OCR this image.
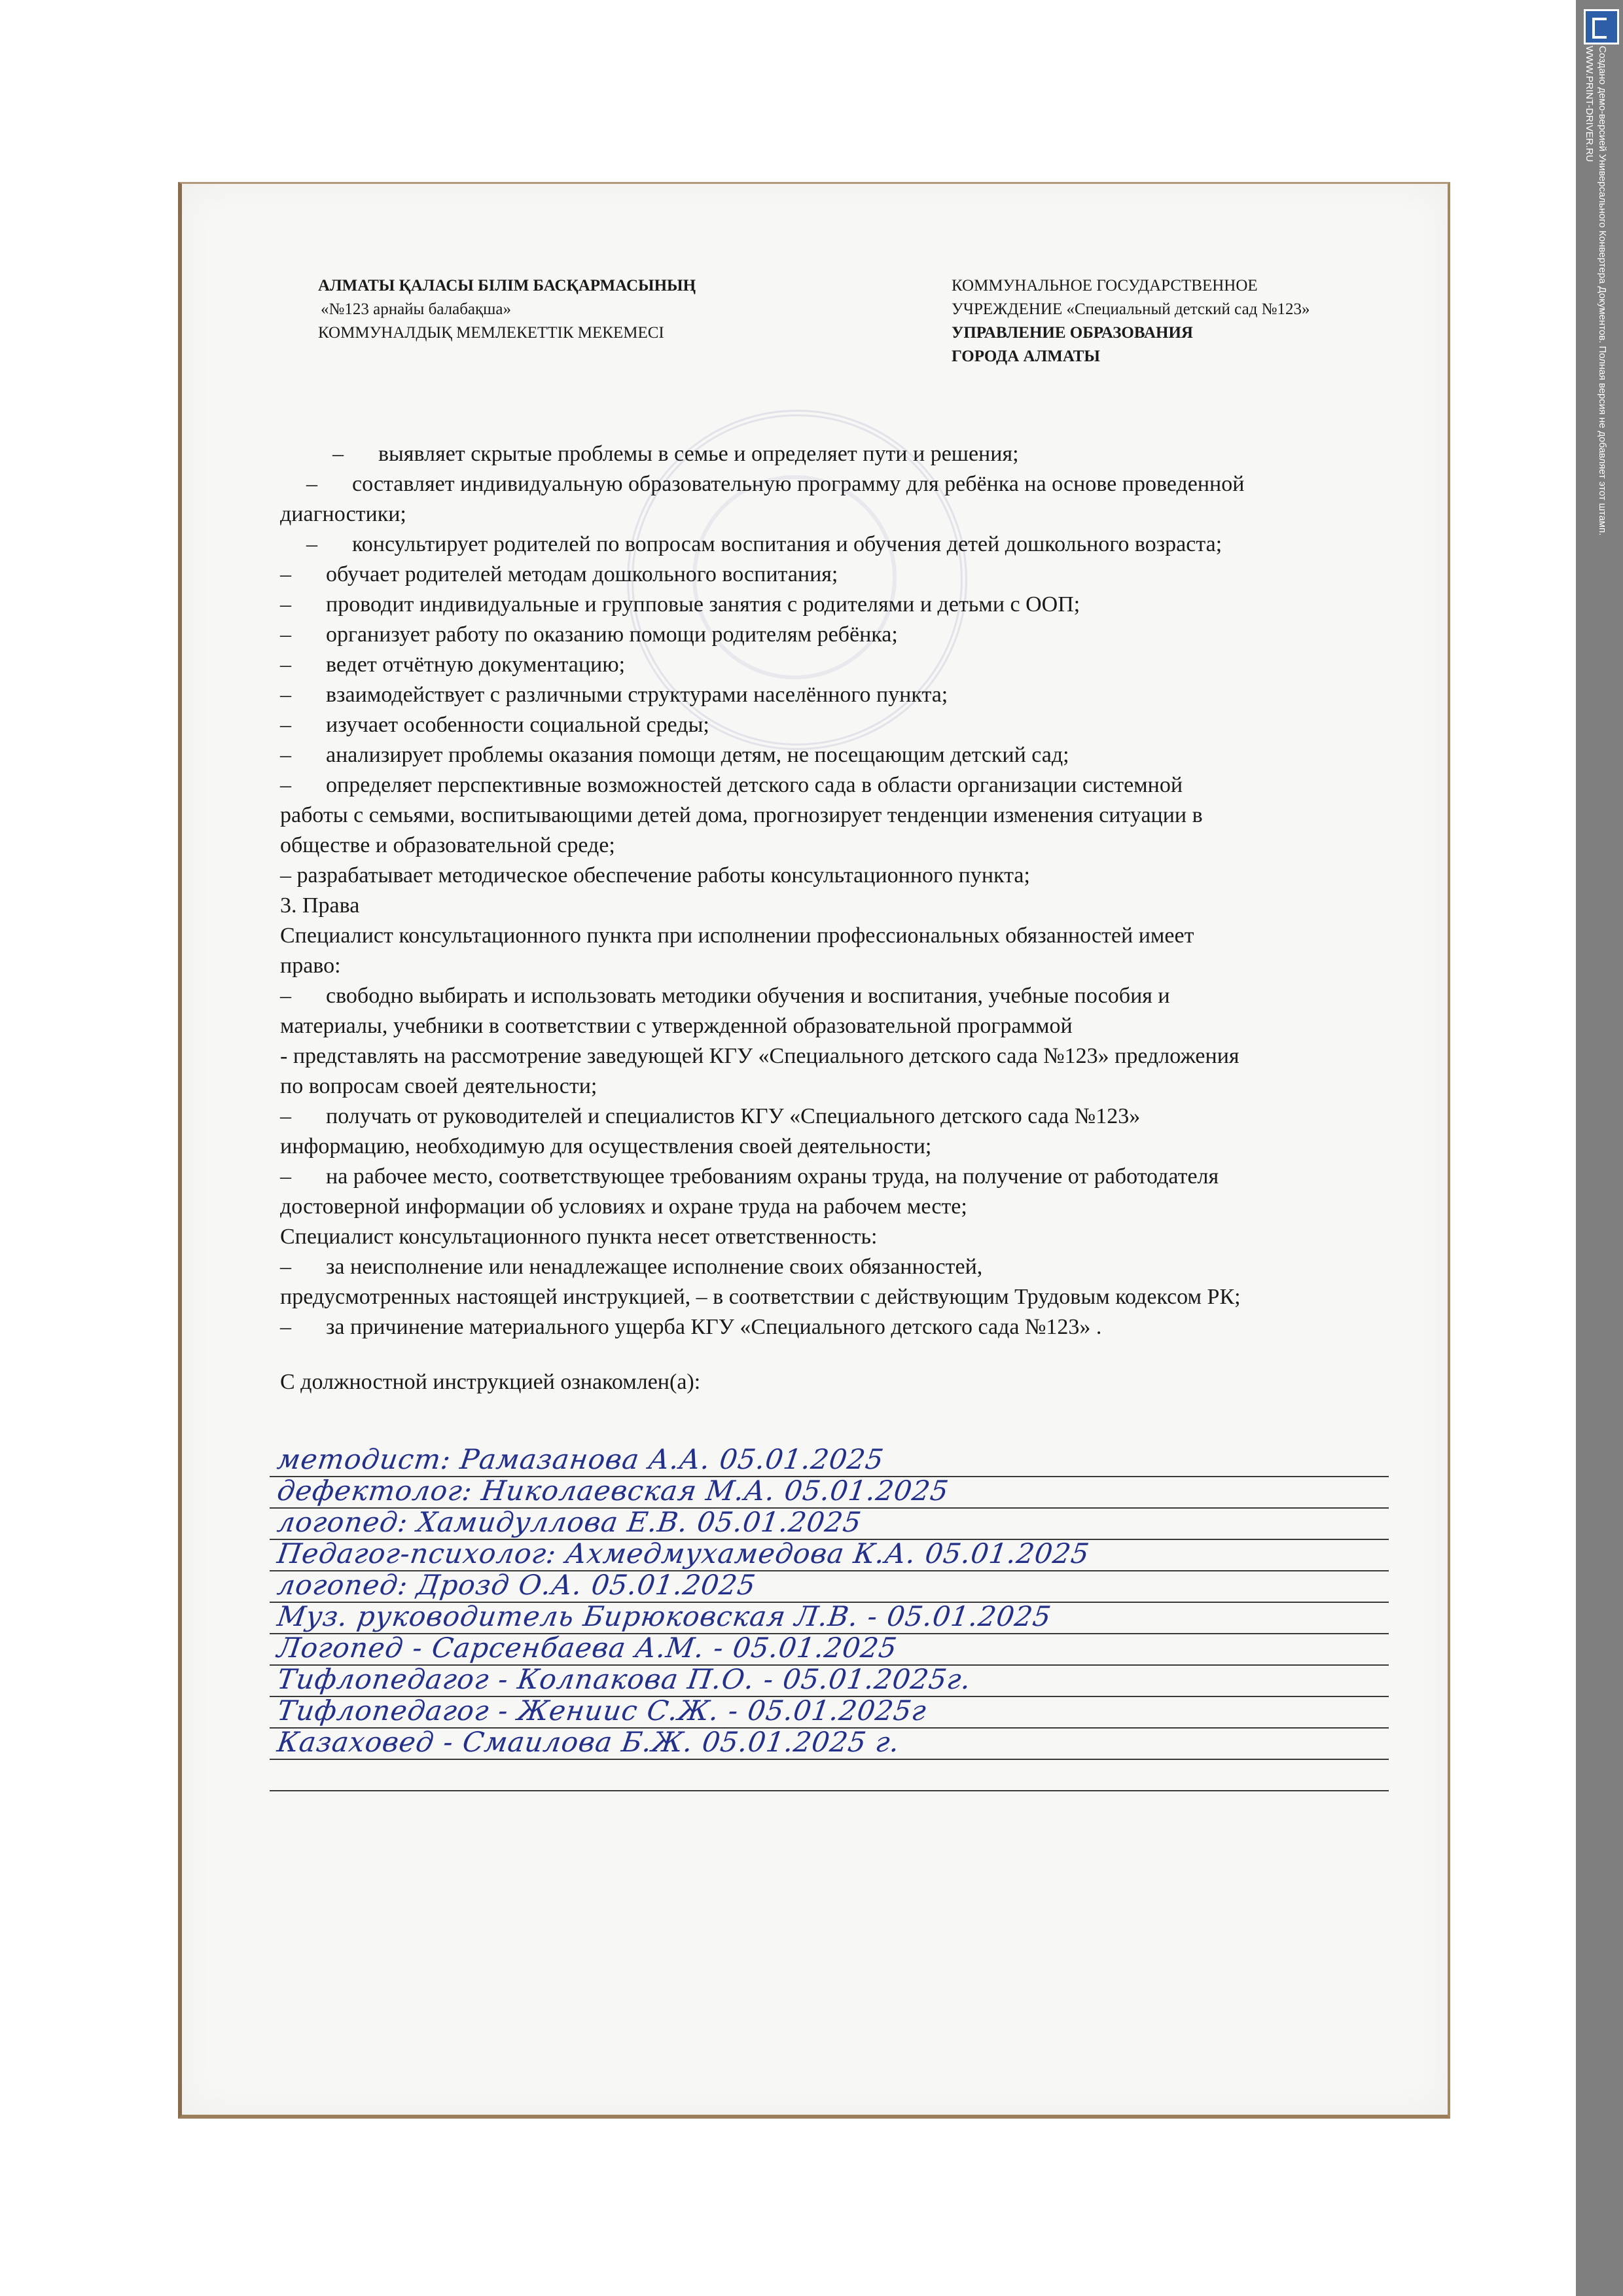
АЛМАТЫ ҚАЛАСЫ БІЛІМ БАСҚАРМАСЫНЫҢ
«№123 арнайы балабақша»
КОММУНАЛДЫҚ МЕМЛЕКЕТТІК МЕКЕМЕСІ
КОММУНАЛЬНОЕ ГОСУДАРСТВЕННОЕ
УЧРЕЖДЕНИЕ «Специальный детский сад №123»
УПРАВЛЕНИЕ ОБРАЗОВАНИЯ
ГОРОДА АЛМАТЫ

– выявляет скрытые проблемы в семье и определяет пути и решения;

– составляет индивидуальную образовательную программу для ребёнка на основе проведенной

диагностики;

– консультирует родителей по вопросам воспитания и обучения детей дошкольного возраста;

– обучает родителей методам дошкольного воспитания;

– проводит индивидуальные и групповые занятия с родителями и детьми с ООП;

– организует работу по оказанию помощи родителям ребёнка;

– ведет отчётную документацию;

– взаимодействует с различными структурами населённого пункта;

– изучает особенности социальной среды;

– анализирует проблемы оказания помощи детям, не посещающим детский сад;

– определяет перспективные возможностей детского сада в области организации системной

работы с семьями, воспитывающими детей дома, прогнозирует тенденции изменения ситуации в

обществе и образовательной среде;

– разрабатывает методическое обеспечение работы консультационного пункта;

3. Права

Специалист консультационного пункта при исполнении профессиональных обязанностей имеет

право:

– свободно выбирать и использовать методики обучения и воспитания, учебные пособия и

материалы, учебники в соответствии с утвержденной образовательной программой

- представлять на рассмотрение заведующей КГУ «Специального детского сада №123» предложения

по вопросам своей деятельности;

– получать от руководителей и специалистов КГУ «Специального детского сада №123»

информацию, необходимую для осуществления своей деятельности;

– на рабочее место, соответствующее требованиям охраны труда, на получение от работодателя

достоверной информации об условиях и охране труда на рабочем месте;

Специалист консультационного пункта несет ответственность:

– за неисполнение или ненадлежащее исполнение своих обязанностей,

предусмотренных настоящей инструкцией, – в соответствии с действующим Трудовым кодексом РК;

– за причинение материального ущерба КГУ «Специального детского сада №123» .

С должностной инструкцией ознакомлен(а):

методист: Рамазанова А.А. 05.01.2025
дефектолог: Николаевская М.А. 05.01.2025
логопед: Хамидуллова Е.В. 05.01.2025
Педагог-психолог: Ахмедмухамедова К.А. 05.01.2025
логопед: Дрозд О.А. 05.01.2025
Муз. руководитель Бирюковская Л.В. - 05.01.2025
Логопед - Сарсенбаева А.М. - 05.01.2025
Тифлопедагог - Колпакова П.О. - 05.01.2025г.
Тифлопедагог - Жениис С.Ж. - 05.01.2025г
Казаховед - Смаилова Б.Ж. 05.01.2025 г.
Создано демо-версией Универсального Конвертера Документов. Полная версия не добавляет этот штамп.
WWW.PRINT-DRIVER.RU
